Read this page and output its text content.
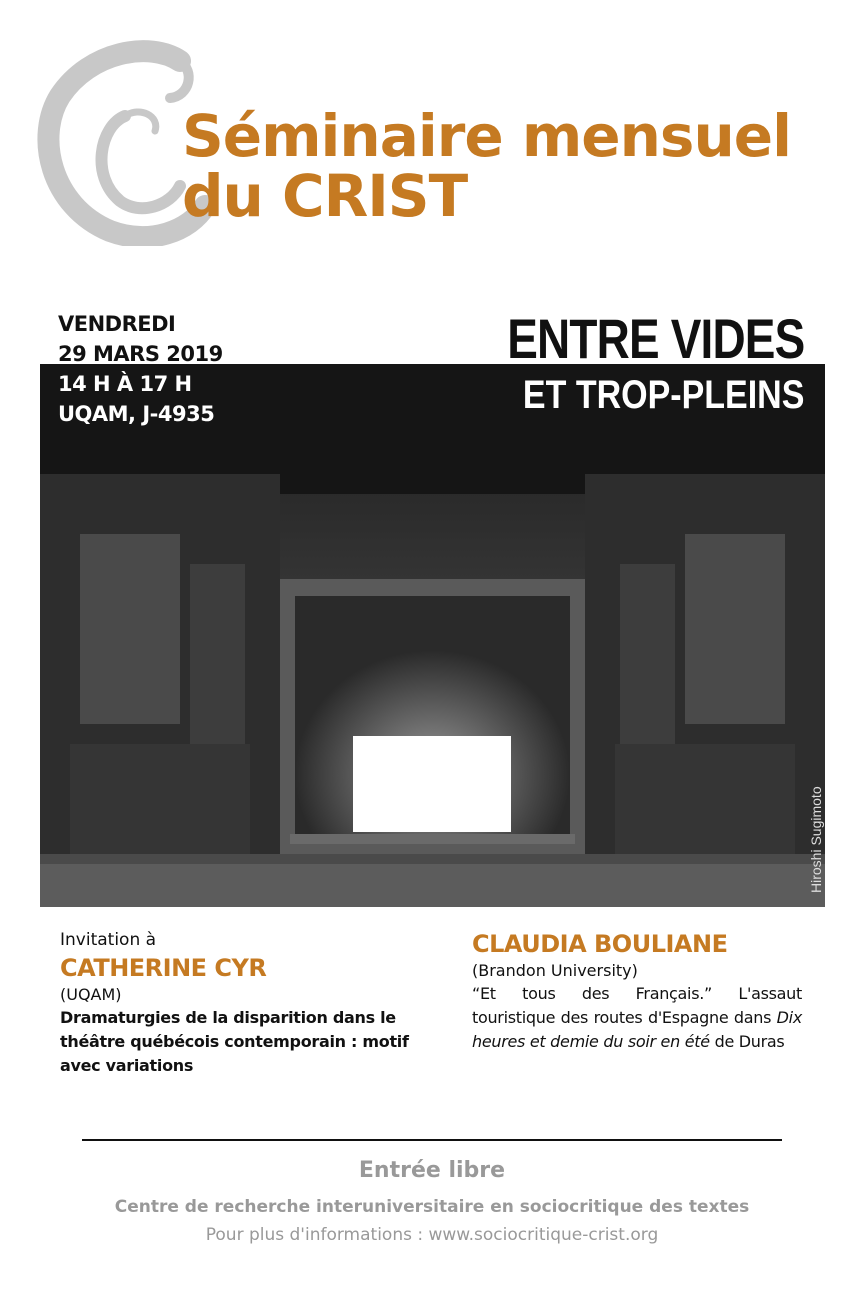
Séminaire mensuel
du CRIST
VENDREDI
29 MARS 2019
14 H À 17 H
UQAM, J-4935
ENTRE VIDES
ET TROP-PLEINS
Hiroshi Sugimoto
Invitation à
CATHERINE CYR
(UQAM)
Dramaturgies de la disparition dans le théâtre québécois contemporain : motif avec variations
CLAUDIA BOULIANE
(Brandon University)
“Et tous des Français.” L'assaut touristique des routes d'Espagne dans Dix heures et demie du soir en été de Duras
Entrée libre
Centre de recherche interuniversitaire en sociocritique des textes
Pour plus d'informations : www.sociocritique-crist.org
